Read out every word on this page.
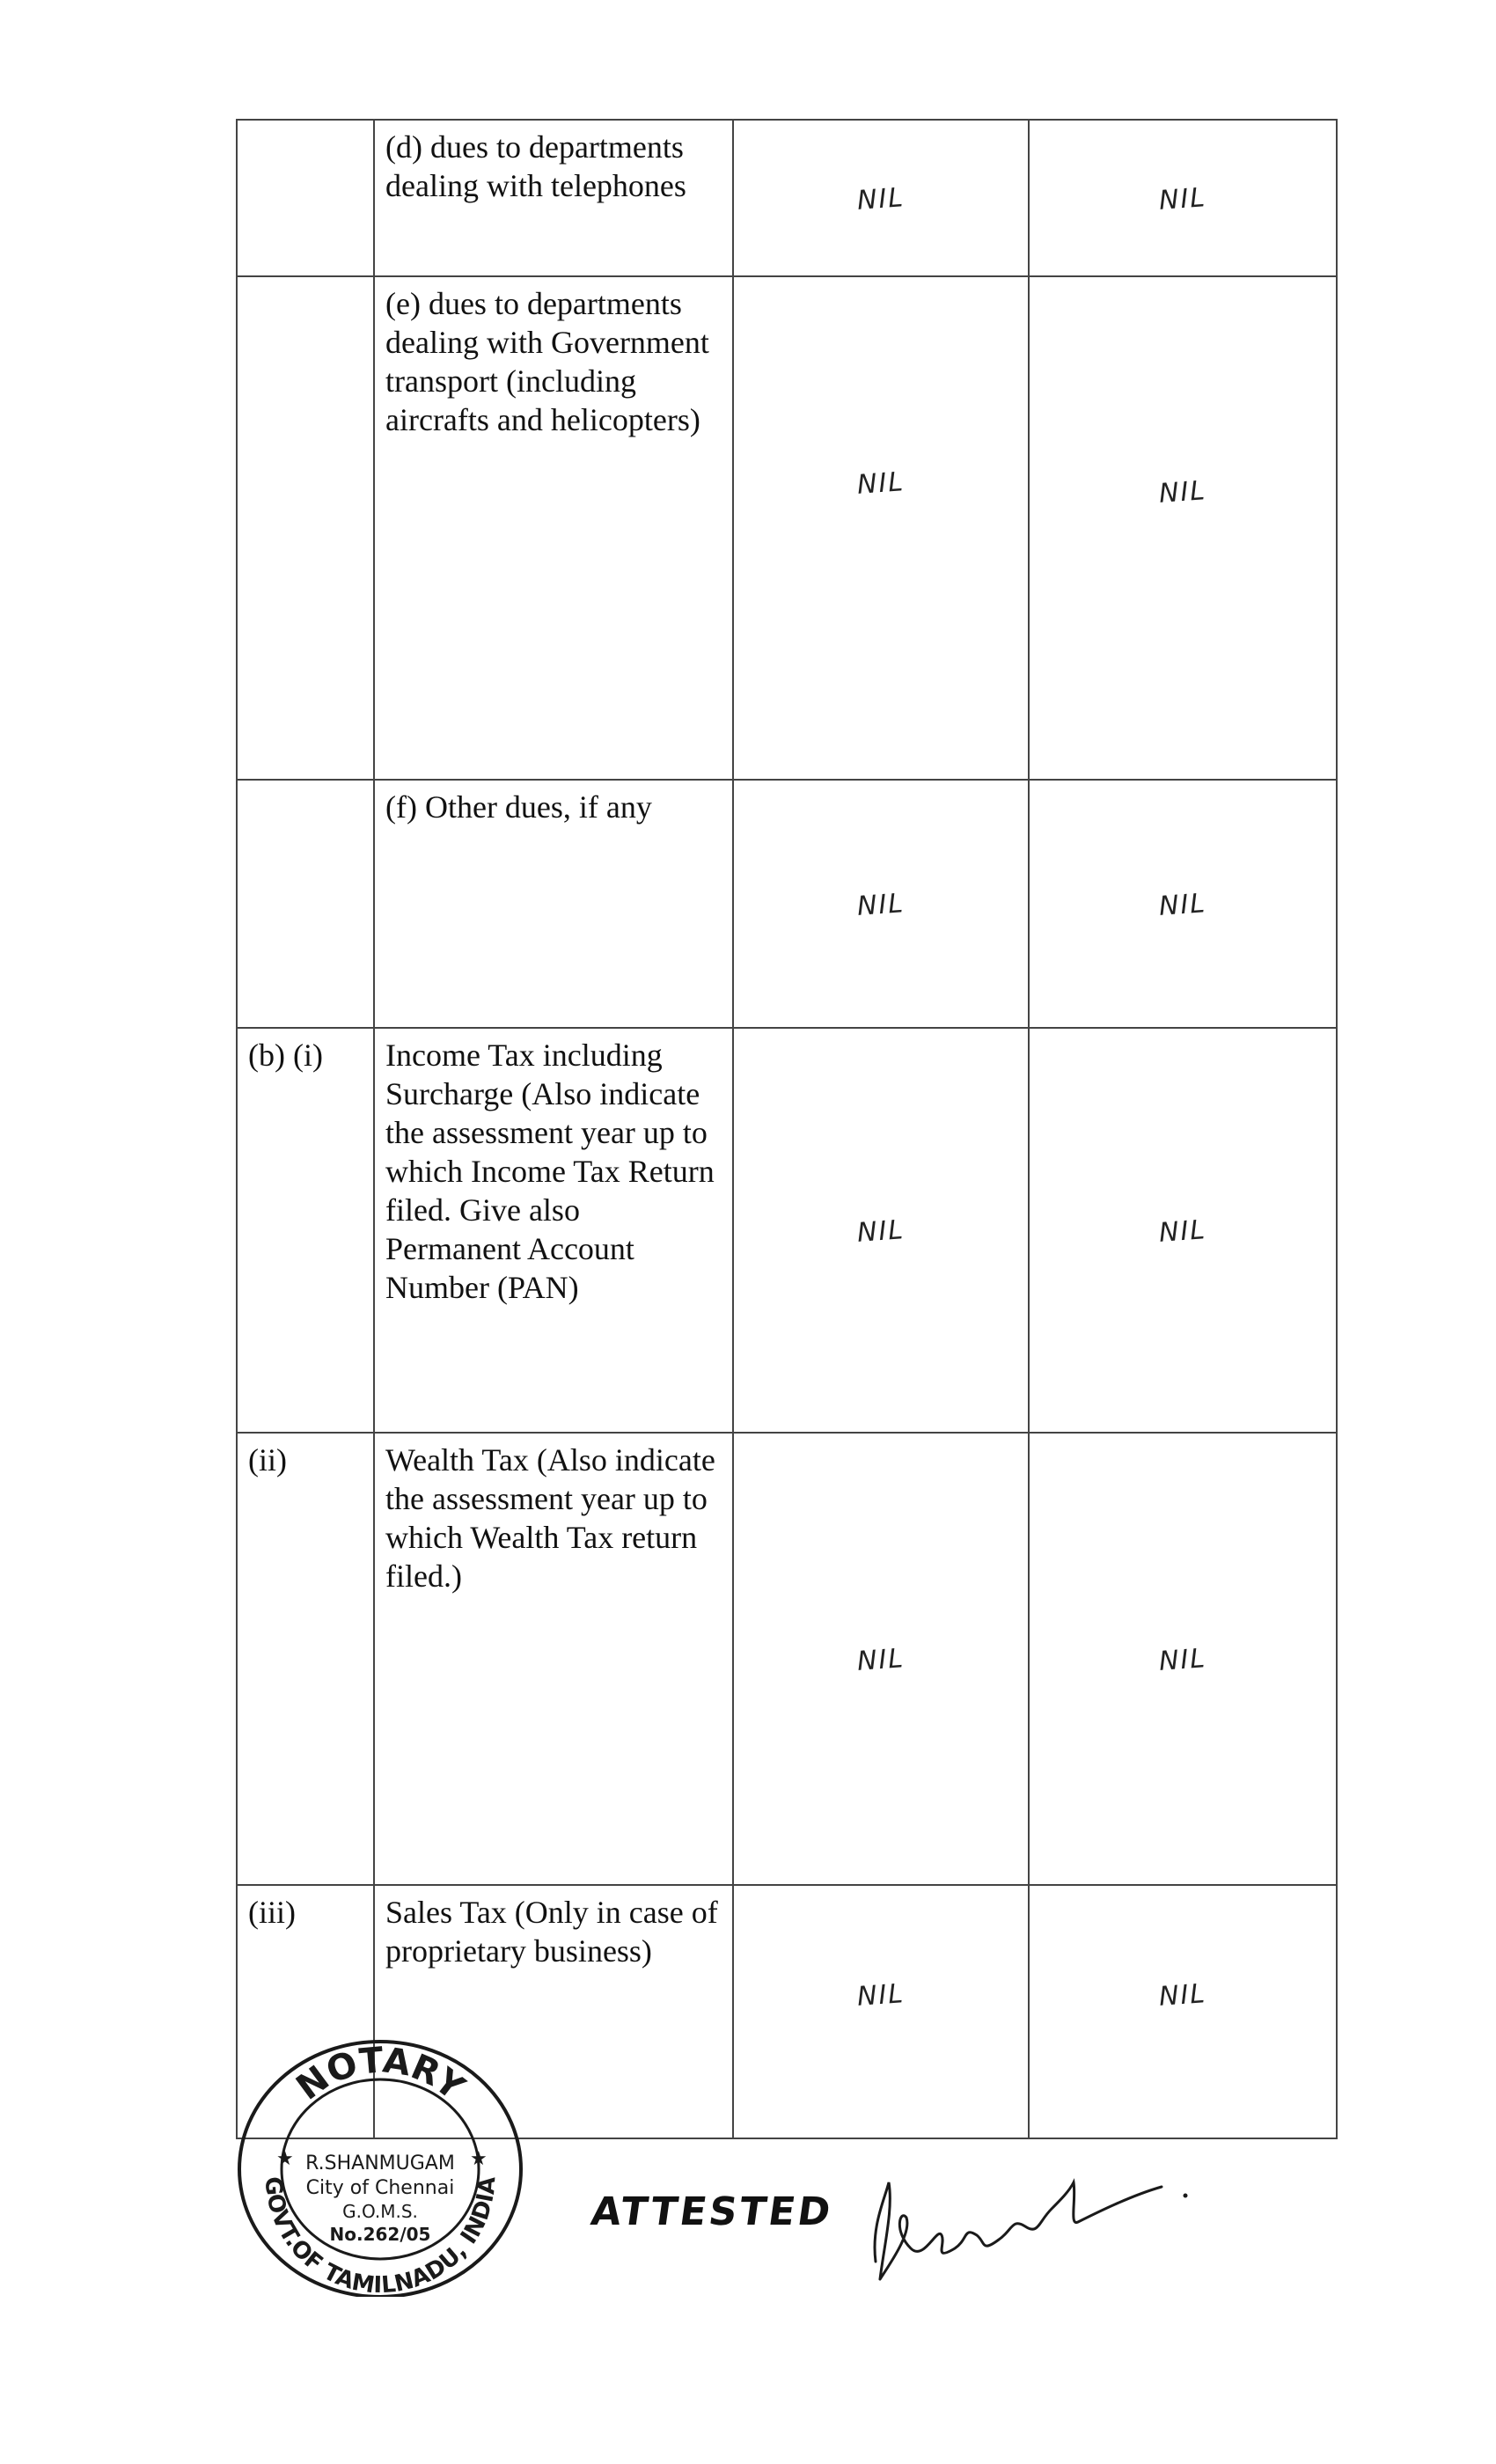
	(d) dues to departments dealing with telephones	NIL	NIL
	(e) dues to departments dealing with Government transport (including aircrafts and helicopters)	NIL	NIL
	(f) Other dues, if any	NIL	NIL
(b) (i)	Income Tax including Surcharge (Also indicate the assessment year up to which Income Tax Return filed. Give also Permanent Account Number (PAN)	NIL	NIL
(ii)	Wealth Tax (Also indicate the assessment year up to which Wealth Tax return filed.)	NIL	NIL
(iii)	Sales Tax (Only in case of proprietary business)	NIL	NIL
NOTARY
GOVT.OF TAMILNADU, INDIA
★	★
R.SHANMUGAM
City of Chennai
G.O.M.S.
No.262/05	ATTESTED
